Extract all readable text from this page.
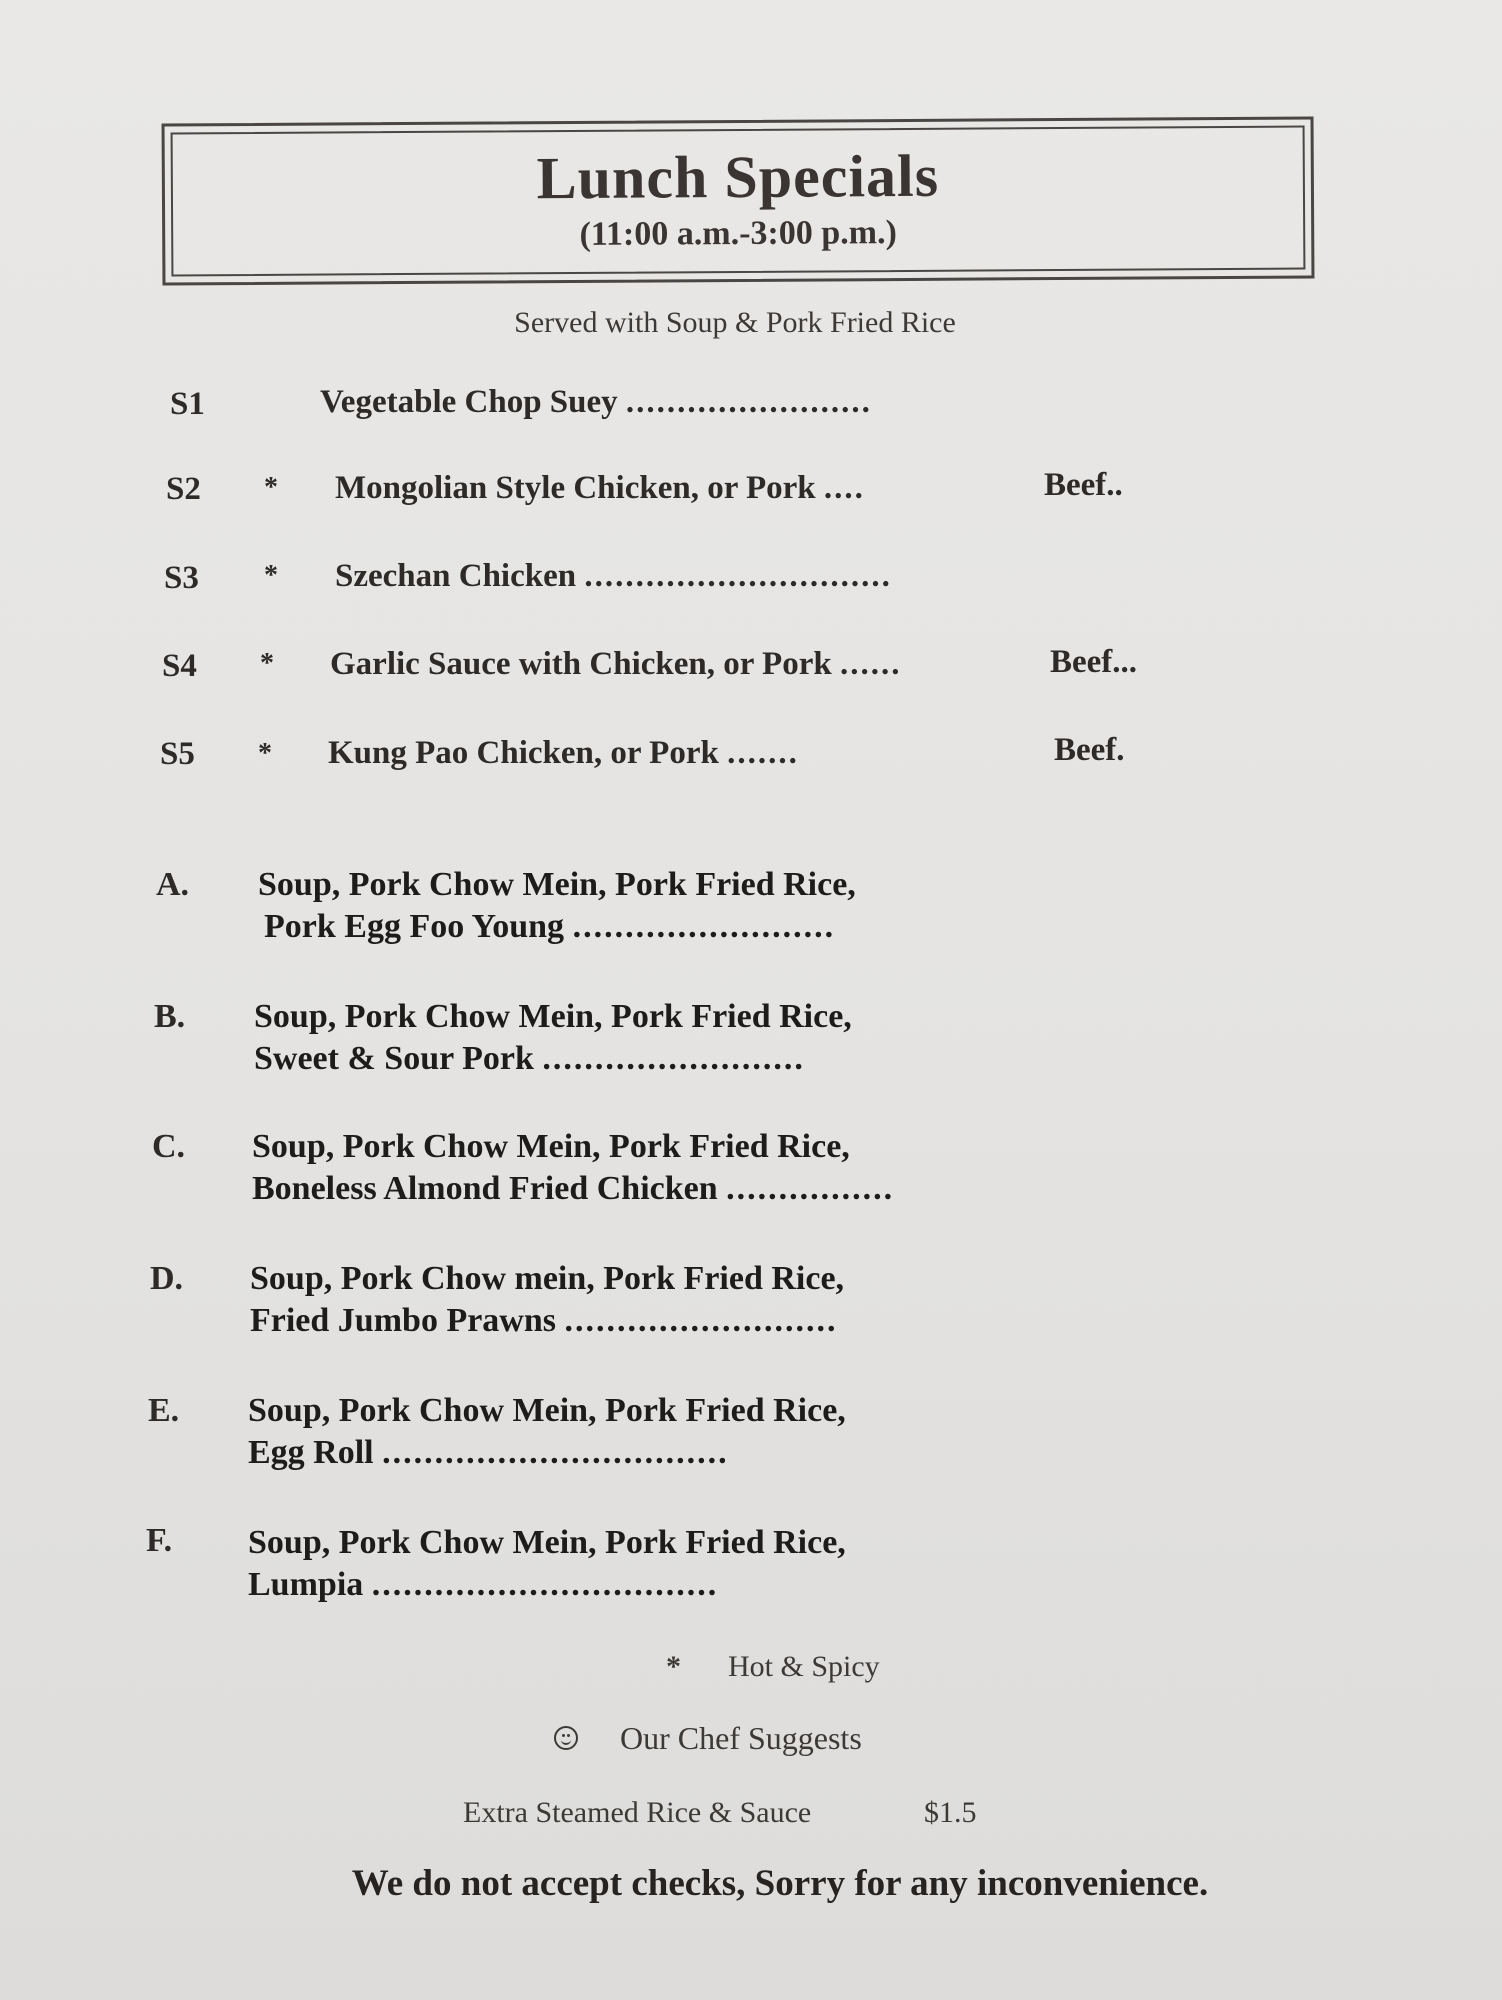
Lunch Specials
(11:00 a.m.-3:00 p.m.)
Served with Soup & Pork Fried Rice
S1	Vegetable Chop Suey ........................
S2 * Mongolian Style Chicken, or Pork ....	Beef..
S3 * Szechan Chicken ..............................
S4 * Garlic Sauce with Chicken, or Pork ......	Beef...
S5 * Kung Pao Chicken, or Pork .......	Beef.
A. Soup, Pork Chow Mein, Pork Fried Rice,
Pork Egg Foo Young .........................
B. Soup, Pork Chow Mein, Pork Fried Rice,
Sweet & Sour Pork .........................
C. Soup, Pork Chow Mein, Pork Fried Rice,
Boneless Almond Fried Chicken ................
D. Soup, Pork Chow mein, Pork Fried Rice,
Fried Jumbo Prawns ..........................
E. Soup, Pork Chow Mein, Pork Fried Rice,
Egg Roll .................................
F. Soup, Pork Chow Mein, Pork Fried Rice,
Lumpia .................................
* Hot & Spicy
Our Chef Suggests
Extra Steamed Rice & Sauce	$1.5
We do not accept checks, Sorry for any inconvenience.
